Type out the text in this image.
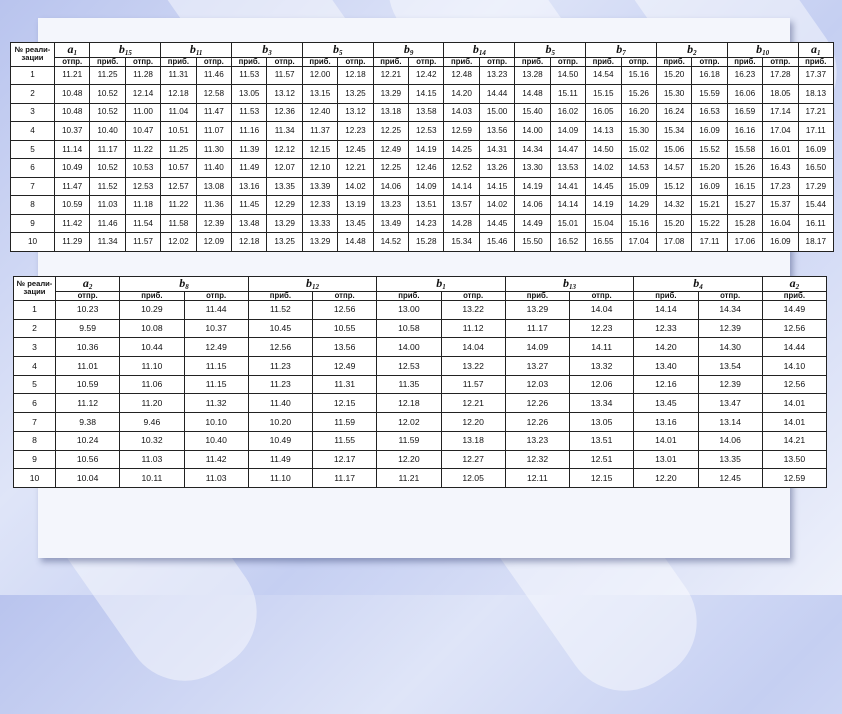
№ реали- зации	$a_1$	$b_{15}$		$b_{11}$		$b_3$		$b_5$		$b_9$		$b_{14}$		$b_5$		$b_7$		$b_2$		$b_{10}$		$a_1$
	отпр.	приб.	отпр.	приб.	отпр.	приб.	отпр.	приб.	отпр.	приб.	отпр.	приб.	отпр.	приб.	отпр.	приб.	отпр.	приб.	отпр.	приб.	отпр.	приб.
1	11.21	11.25	11.28	11.31	11.46	11.53	11.57	12.00	12.18	12.21	12.42	12.48	13.23	13.28	14.50	14.54	15.16	15.20	16.18	16.23	17.28	17.37
2	10.48	10.52	12.14	12.18	12.58	13.05	13.12	13.15	13.25	13.29	14.15	14.20	14.44	14.48	15.11	15.15	15.26	15.30	15.59	16.06	18.05	18.13
3	10.48	10.52	11.00	11.04	11.47	11.53	12.36	12.40	13.12	13.18	13.58	14.03	15.00	15.40	16.02	16.05	16.20	16.24	16.53	16.59	17.14	17.21
4	10.37	10.40	10.47	10.51	11.07	11.16	11.34	11.37	12.23	12.25	12.53	12.59	13.56	14.00	14.09	14.13	15.30	15.34	16.09	16.16	17.04	17.11
5	11.14	11.17	11.22	11.25	11.30	11.39	12.12	12.15	12.45	12.49	14.19	14.25	14.31	14.34	14.47	14.50	15.02	15.06	15.52	15.58	16.01	16.09
6	10.49	10.52	10.53	10.57	11.40	11.49	12.07	12.10	12.21	12.25	12.46	12.52	13.26	13.30	13.53	14.02	14.53	14.57	15.20	15.26	16.43	16.50
7	11.47	11.52	12.53	12.57	13.08	13.16	13.35	13.39	14.02	14.06	14.09	14.14	14.15	14.19	14.41	14.45	15.09	15.12	16.09	16.15	17.23	17.29
8	10.59	11.03	11.18	11.22	11.36	11.45	12.29	12.33	13.19	13.23	13.51	13.57	14.02	14.06	14.14	14.19	14.29	14.32	15.21	15.27	15.37	15.44
9	11.42	11.46	11.54	11.58	12.39	13.48	13.29	13.33	13.45	13.49	14.23	14.28	14.45	14.49	15.01	15.04	15.16	15.20	15.22	15.28	16.04	16.11
10	11.29	11.34	11.57	12.02	12.09	12.18	13.25	13.29	14.48	14.52	15.28	15.34	15.46	15.50	16.52	16.55	17.04	17.08	17.11	17.06	16.09	18.17
№ реали- зации	$a_2$	$b_8$		$b_{12}$		$b_1$		$b_{13}$		$b_4$		$a_2$
	отпр.	приб.	отпр.	приб.	отпр.	приб.	отпр.	приб.	отпр.	приб.	отпр.	приб.
1	10.23	10.29	11.44	11.52	12.56	13.00	13.22	13.29	14.04	14.14	14.34	14.49
2	9.59	10.08	10.37	10.45	10.55	10.58	11.12	11.17	12.23	12.33	12.39	12.56
3	10.36	10.44	12.49	12.56	13.56	14.00	14.04	14.09	14.11	14.20	14.30	14.44
4	11.01	11.10	11.15	11.23	12.49	12.53	13.22	13.27	13.32	13.40	13.54	14.10
5	10.59	11.06	11.15	11.23	11.31	11.35	11.57	12.03	12.06	12.16	12.39	12.56
6	11.12	11.20	11.32	11.40	12.15	12.18	12.21	12.26	13.34	13.45	13.47	14.01
7	9.38	9.46	10.10	10.20	11.59	12.02	12.20	12.26	13.05	13.16	13.14	14.01
8	10.24	10.32	10.40	10.49	11.55	11.59	13.18	13.23	13.51	14.01	14.06	14.21
9	10.56	11.03	11.42	11.49	12.17	12.20	12.27	12.32	12.51	13.01	13.35	13.50
10	10.04	10.11	11.03	11.10	11.17	11.21	12.05	12.11	12.15	12.20	12.45	12.59
